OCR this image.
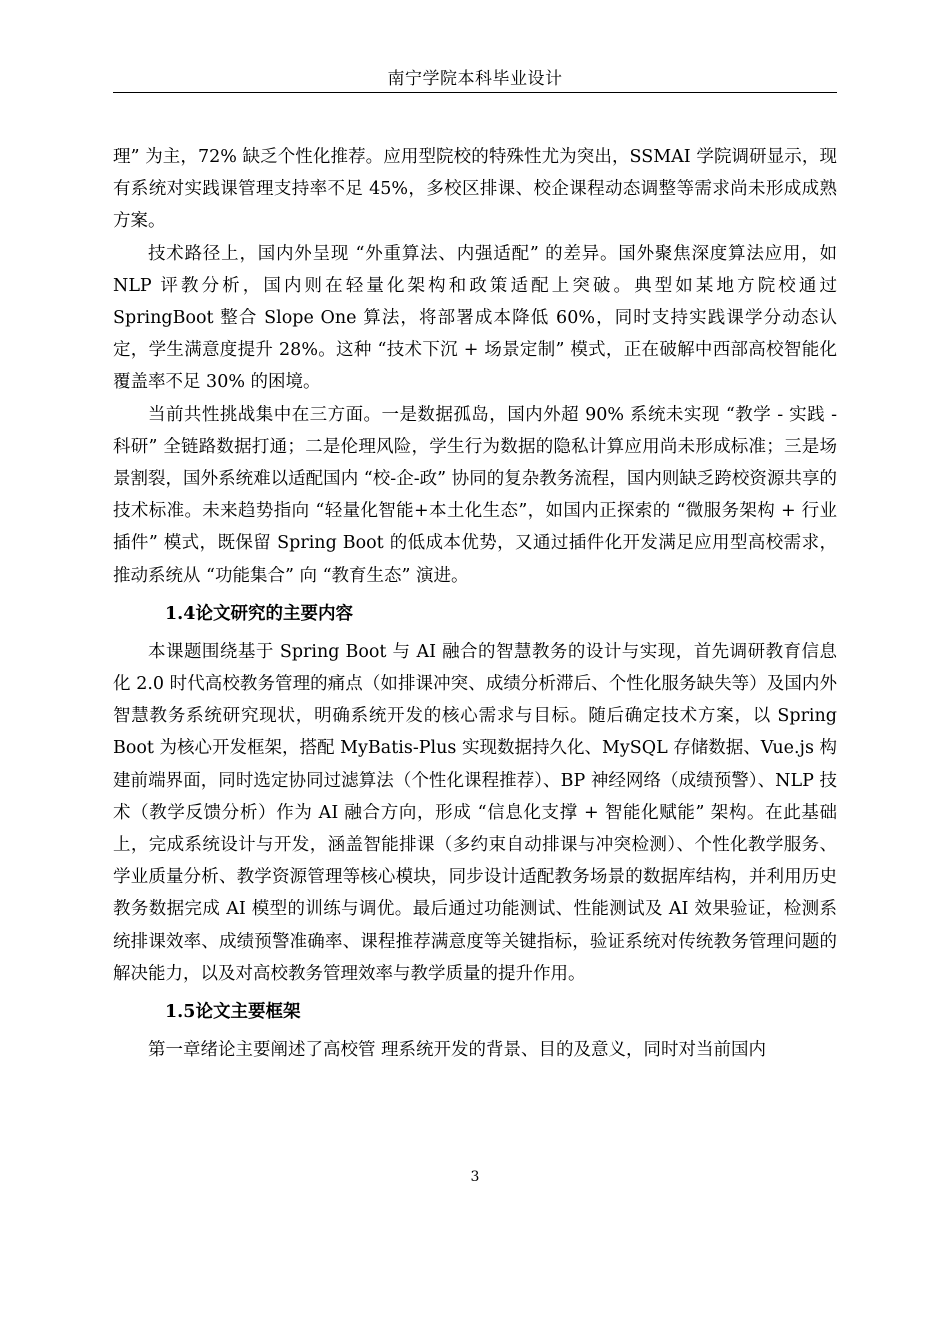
南宁学院本科毕业设计

理” 为主，72% 缺乏个性化推荐。应用型院校的特殊性尤为突出，SSMAI 学院调研显示，现有系统对实践课管理支持率不足 45%，多校区排课、校企课程动态调整等需求尚未形成成熟方案。

技术路径上，国内外呈现 “外重算法、内强适配” 的差异。国外聚焦深度算法应用，如 NLP 评教分析，国内则在轻量化架构和政策适配上突破。典型如某地方院校通过 SpringBoot 整合 Slope One 算法，将部署成本降低 60%，同时支持实践课学分动态认定，学生满意度提升 28%。这种 “技术下沉 + 场景定制” 模式，正在破解中西部高校智能化覆盖率不足 30% 的困境。

当前共性挑战集中在三方面。一是数据孤岛，国内外超 90% 系统未实现 “教学 - 实践 - 科研” 全链路数据打通；二是伦理风险，学生行为数据的隐私计算应用尚未形成标准；三是场景割裂，国外系统难以适配国内 “校-企-政” 协同的复杂教务流程，国内则缺乏跨校资源共享的技术标准。未来趋势指向 “轻量化智能+本土化生态”，如国内正探索的 “微服务架构 + 行业插件” 模式，既保留 Spring Boot 的低成本优势，又通过插件化开发满足应用型高校需求，推动系统从 “功能集合” 向 “教育生态” 演进。

1.4论文研究的主要内容

本课题围绕基于 Spring Boot 与 AI 融合的智慧教务的设计与实现，首先调研教育信息化 2.0 时代高校教务管理的痛点（如排课冲突、成绩分析滞后、个性化服务缺失等）及国内外智慧教务系统研究现状，明确系统开发的核心需求与目标。随后确定技术方案，以 Spring Boot 为核心开发框架，搭配 MyBatis-Plus 实现数据持久化、MySQL 存储数据、Vue.js 构建前端界面，同时选定协同过滤算法（个性化课程推荐）、BP 神经网络（成绩预警）、NLP 技术（教学反馈分析）作为 AI 融合方向，形成 “信息化支撑 + 智能化赋能” 架构。在此基础上，完成系统设计与开发，涵盖智能排课（多约束自动排课与冲突检测）、个性化教学服务、学业质量分析、教学资源管理等核心模块，同步设计适配教务场景的数据库结构，并利用历史教务数据完成 AI 模型的训练与调优。最后通过功能测试、性能测试及 AI 效果验证，检测系统排课效率、成绩预警准确率、课程推荐满意度等关键指标，验证系统对传统教务管理问题的解决能力，以及对高校教务管理效率与教学质量的提升作用。

1.5论文主要框架

第一章绪论主要阐述了高校管 理系统开发的背景、目的及意义，同时对当前国内

3
